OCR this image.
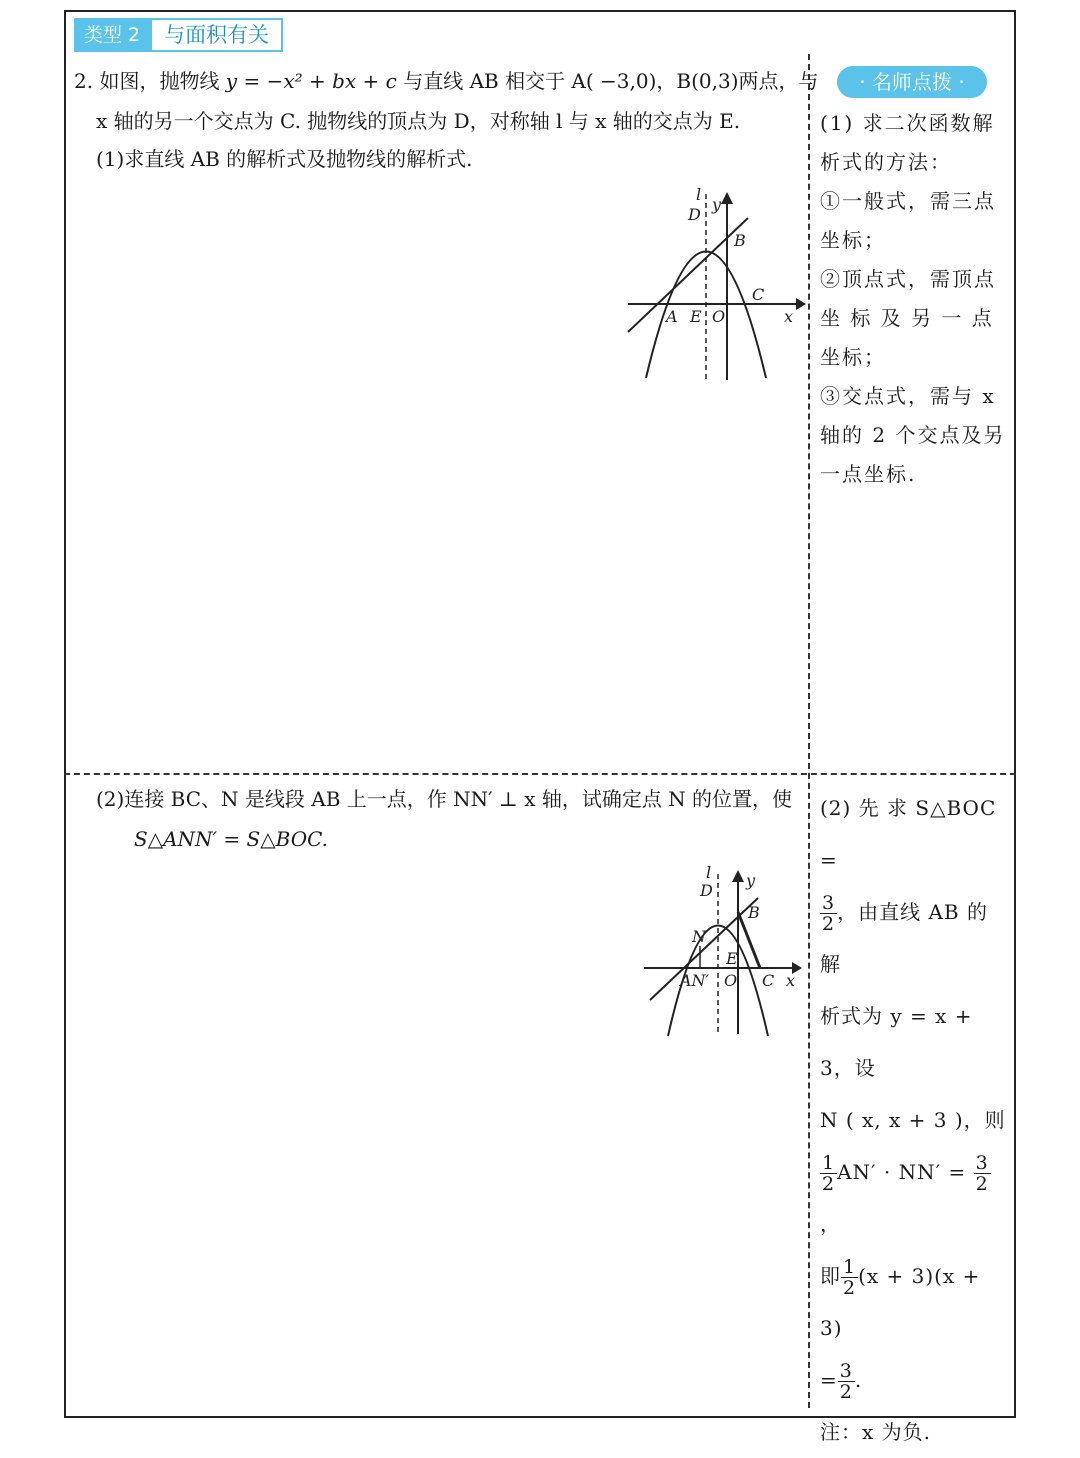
类型 2	与面积有关
2. 如图，抛物线 y = −x² + bx + c 与直线 AB 相交于 A( −3,0)，B(0,3)两点，与
x 轴的另一个交点为 C. 抛物线的顶点为 D，对称轴 l 与 x 轴的交点为 E.
(1)求直线 AB 的解析式及抛物线的解析式.
(2)连接 BC、N 是线段 AB 上一点，作 NN′ ⊥ x 轴，试确定点 N 的位置，使
S△ANN′ = S△BOC.
l
y
D
B
C
A E O	x
l y
D
B
N
E
AN′ O C x
· 名师点拨 ·
(1) 求二次函数解
析式的方法：
①一般式，需三点
坐标；
②顶点式，需顶点
坐 标 及 另 一 点
坐标；
③交点式，需与 x
轴的 2 个交点及另
一点坐标.
(2) 先 求 S△BOC =
$\frac{3}{2}$ ，由直线 AB 的解
析式为 y = x + 3，设
N ( x, x + 3 )，则
$\frac{1}{2} AN' \cdot NN' = \frac{3}{2}$
，
即 $\frac{1}{2} (x + 3)(x + 3)$
= $\frac{3}{2}$ .
注：x 为负.
